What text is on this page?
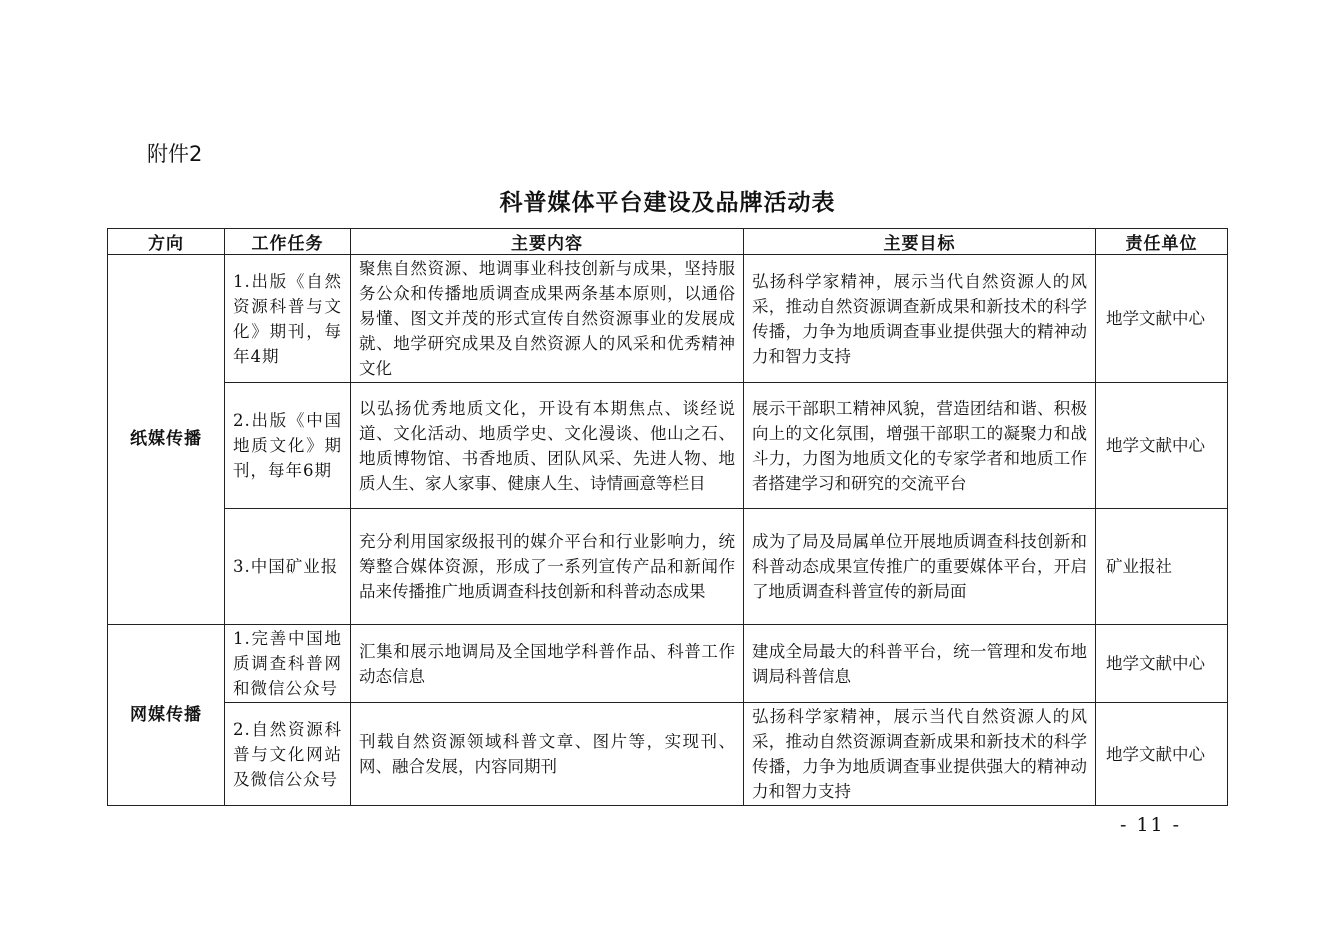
附件2
科普媒体平台建设及品牌活动表
方向	工作任务	主要内容	主要目标	责任单位
纸媒传播	1.出版《自然资源科普与文化》期刊，每年4期	聚焦自然资源、地调事业科技创新与成果，坚持服务公众和传播地质调查成果两条基本原则，以通俗易懂、图文并茂的形式宣传自然资源事业的发展成就、地学研究成果及自然资源人的风采和优秀精神文化	弘扬科学家精神，展示当代自然资源人的风采，推动自然资源调查新成果和新技术的科学传播，力争为地质调查事业提供强大的精神动力和智力支持	地学文献中心
	2.出版《中国地质文化》期刊，每年6期	以弘扬优秀地质文化，开设有本期焦点、谈经说道、文化活动、地质学史、文化漫谈、他山之石、地质博物馆、书香地质、团队风采、先进人物、地质人生、家人家事、健康人生、诗情画意等栏目	展示干部职工精神风貌，营造团结和谐、积极向上的文化氛围，增强干部职工的凝聚力和战斗力，力图为地质文化的专家学者和地质工作者搭建学习和研究的交流平台	地学文献中心
	3.中国矿业报	充分利用国家级报刊的媒介平台和行业影响力，统筹整合媒体资源，形成了一系列宣传产品和新闻作品来传播推广地质调查科技创新和科普动态成果	成为了局及局属单位开展地质调查科技创新和科普动态成果宣传推广的重要媒体平台，开启了地质调查科普宣传的新局面	矿业报社
网媒传播	1.完善中国地质调查科普网和微信公众号	汇集和展示地调局及全国地学科普作品、科普工作动态信息	建成全局最大的科普平台，统一管理和发布地调局科普信息	地学文献中心
	2.自然资源科普与文化网站及微信公众号	刊载自然资源领域科普文章、图片等，实现刊、网、融合发展，内容同期刊	弘扬科学家精神，展示当代自然资源人的风采，推动自然资源调查新成果和新技术的科学传播，力争为地质调查事业提供强大的精神动力和智力支持	地学文献中心
- 11 -
